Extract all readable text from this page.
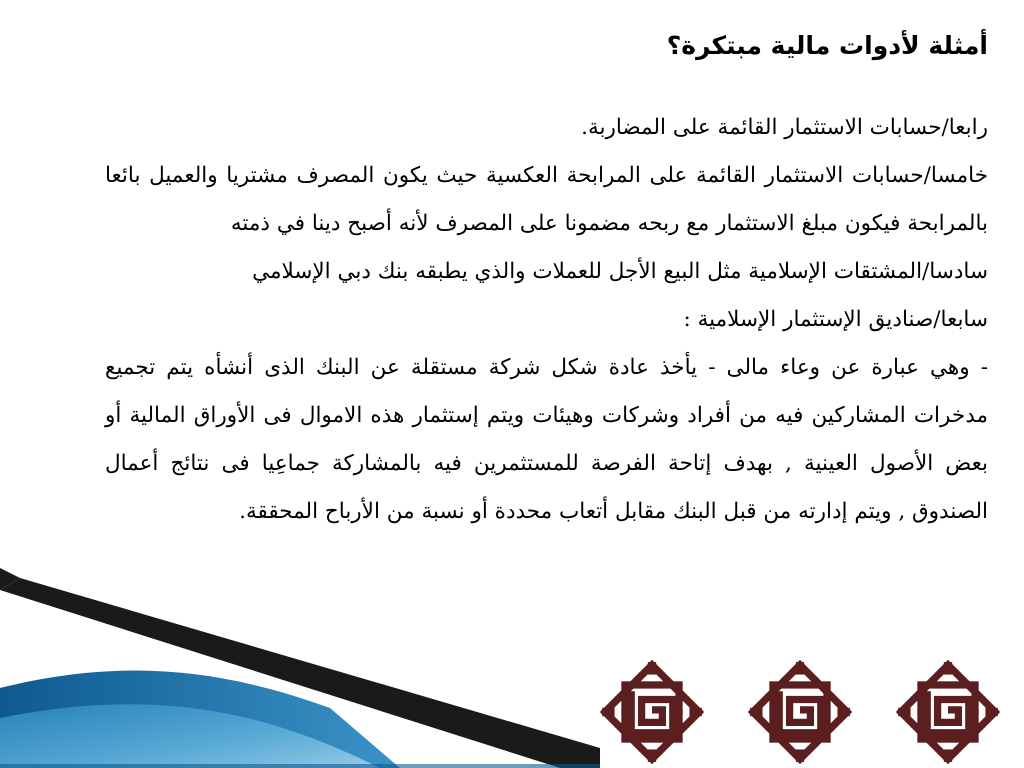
أمثلة لأدوات مالية مبتكرة؟

رابعا/حسابات الاستثمار القائمة على المضاربة.

خامسا/حسابات الاستثمار القائمة على المرابحة العكسية حيث يكون المصرف مشتريا والعميل بائعا بالمرابحة فيكون مبلغ الاستثمار مع ربحه مضمونا على المصرف لأنه أصبح دينا في ذمته

سادسا/المشتقات الإسلامية مثل البيع الأجل للعملات والذي يطبقه بنك دبي الإسلامي

سابعا/صناديق الإستثمار الإسلامية :

- وهي عبارة عن وعاء مالى - يأخذ عادة شكل شركة مستقلة عن البنك الذى أنشأه يتم تجميع مدخرات المشاركين فيه من أفراد وشركات وهيئات ويتم إستثمار هذه الاموال فى الأوراق المالية أو بعض الأصول العينية , بهدف إتاحة الفرصة للمستثمرين فيه بالمشاركة جماعِيا فى نتائج أعمال الصندوق , ويتم إدارته من قبل البنك مقابل أتعاب محددة أو نسبة من الأرباح المحققة.
